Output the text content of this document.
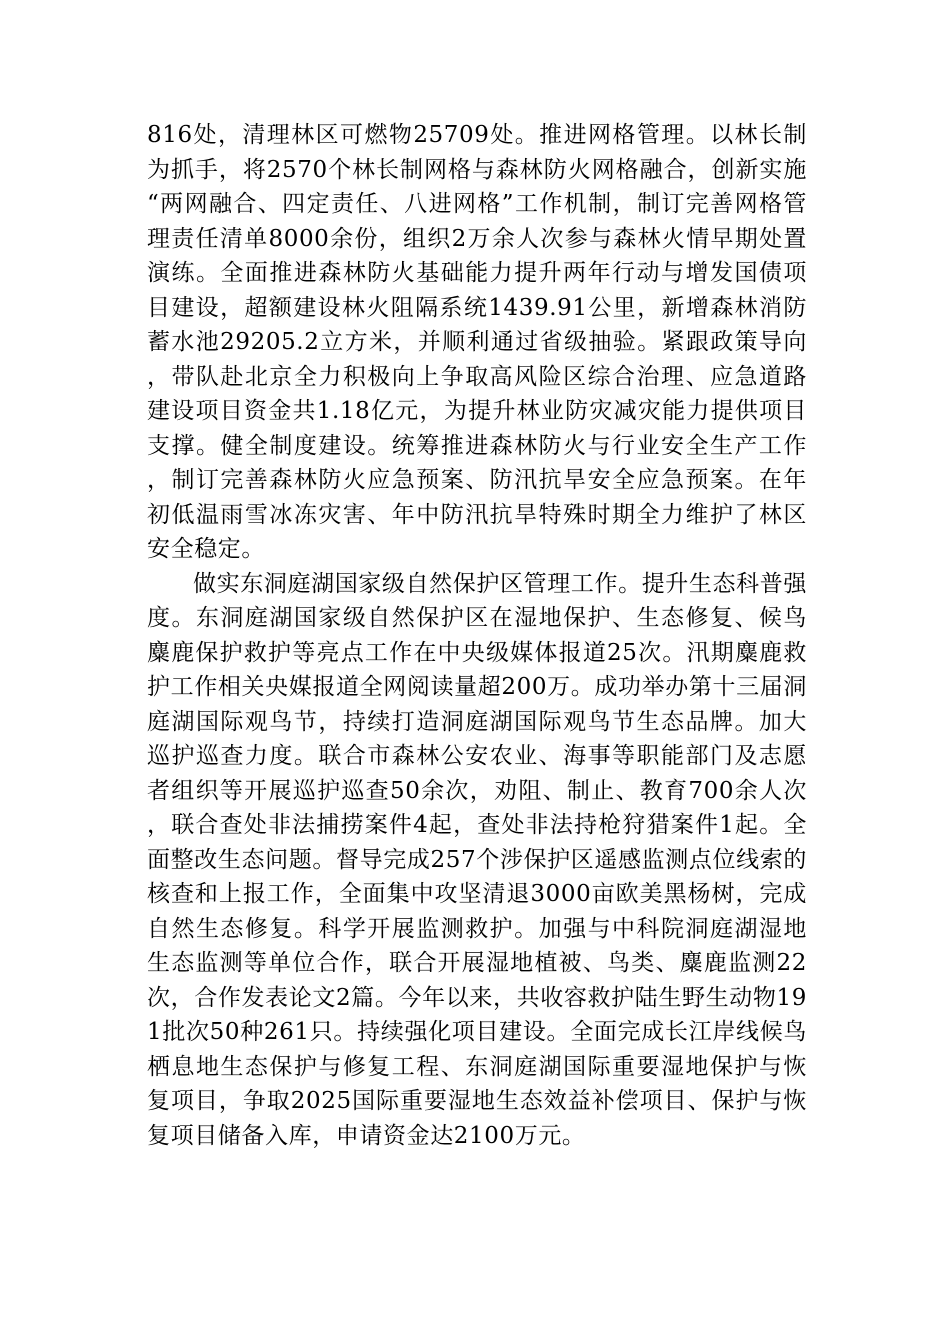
816处，清理林区可燃物25709处。推进网格管理。以林长制为抓手，将2570个林长制网格与森林防火网格融合，创新实施“两网融合、四定责任、八进网格”工作机制，制订完善网格管理责任清单8000余份，组织2万余人次参与森林火情早期处置演练。全面推进森林防火基础能力提升两年行动与增发国债项目建设，超额建设林火阻隔系统1439.91公里，新增森林消防蓄水池29205.2立方米，并顺利通过省级抽验。紧跟政策导向，带队赴北京全力积极向上争取高风险区综合治理、应急道路建设项目资金共1.18亿元，为提升林业防灾减灾能力提供项目支撑。健全制度建设。统筹推进森林防火与行业安全生产工作，制订完善森林防火应急预案、防汛抗旱安全应急预案。在年初低温雨雪冰冻灾害、年中防汛抗旱特殊时期全力维护了林区安全稳定。

做实东洞庭湖国家级自然保护区管理工作。提升生态科普强度。东洞庭湖国家级自然保护区在湿地保护、生态修复、候鸟麋鹿保护救护等亮点工作在中央级媒体报道25次。汛期麋鹿救护工作相关央媒报道全网阅读量超200万。成功举办第十三届洞庭湖国际观鸟节，持续打造洞庭湖国际观鸟节生态品牌。加大巡护巡查力度。联合市森林公安农业、海事等职能部门及志愿者组织等开展巡护巡查50余次，劝阻、制止、教育700余人次，联合查处非法捕捞案件4起，查处非法持枪狩猎案件1起。全面整改生态问题。督导完成257个涉保护区遥感监测点位线索的核查和上报工作，全面集中攻坚清退3000亩欧美黑杨树，完成自然生态修复。科学开展监测救护。加强与中科院洞庭湖湿地生态监测等单位合作，联合开展湿地植被、鸟类、麋鹿监测22次，合作发表论文2篇。今年以来，共收容救护陆生野生动物191批次50种261只。持续强化项目建设。全面完成长江岸线候鸟栖息地生态保护与修复工程、东洞庭湖国际重要湿地保护与恢复项目，争取2025国际重要湿地生态效益补偿项目、保护与恢复项目储备入库，申请资金达2100万元。
